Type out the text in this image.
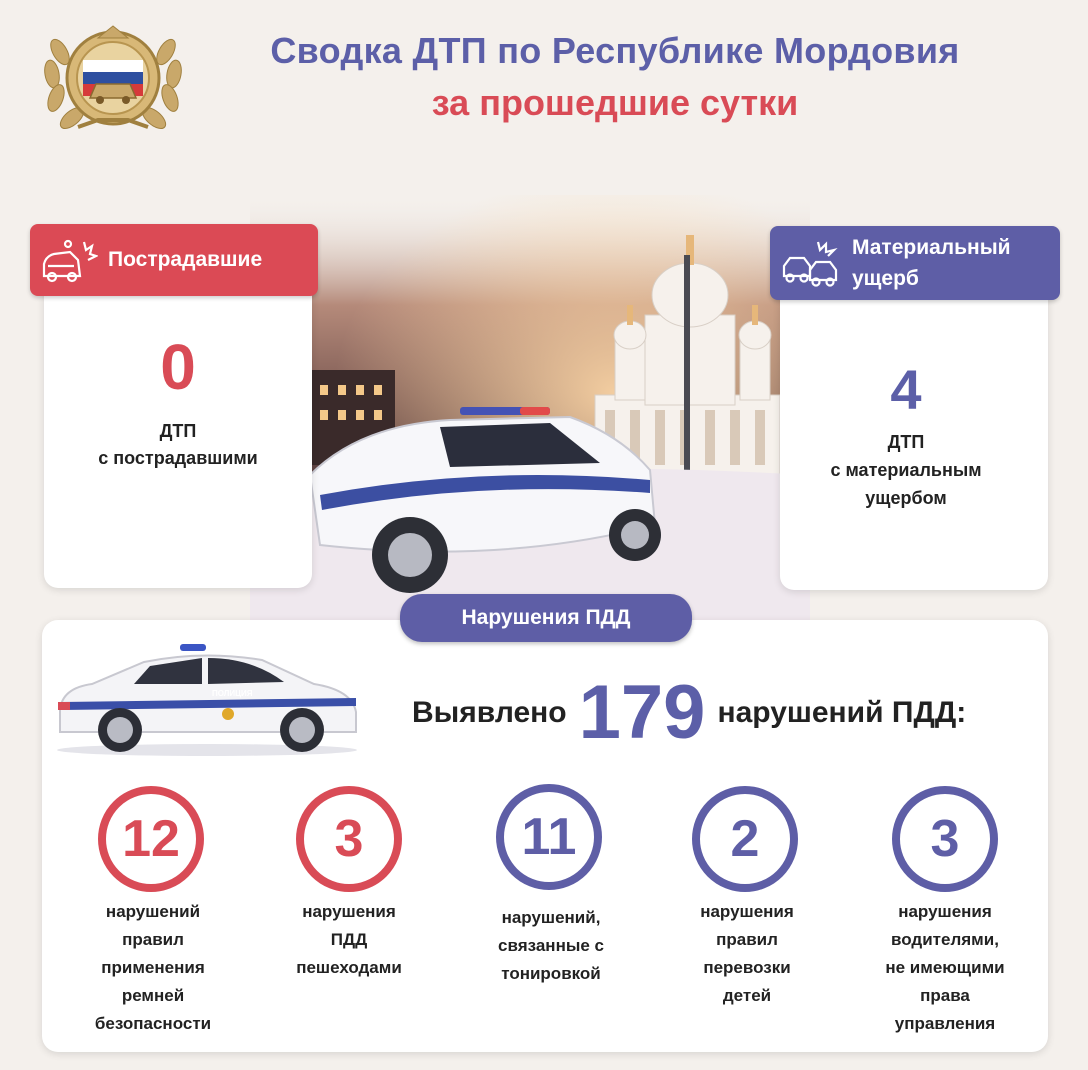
Сводка ДТП по Республике Мордовия
за прошедшие сутки
Пострадавшие
0
ДТП
с пострадавшими
Материальный
ущерб
4
ДТП
с материальным
ущербом
Нарушения ПДД
ПОЛИЦИЯ
Выявлено 179 нарушений ПДД:
12
нарушений
правил
применения
ремней
безопасности
3
нарушения
ПДД
пешеходами
11
нарушений,
связанные с
тонировкой
2
нарушения
правил
перевозки
детей
3
нарушения
водителями,
не имеющими
права
управления
